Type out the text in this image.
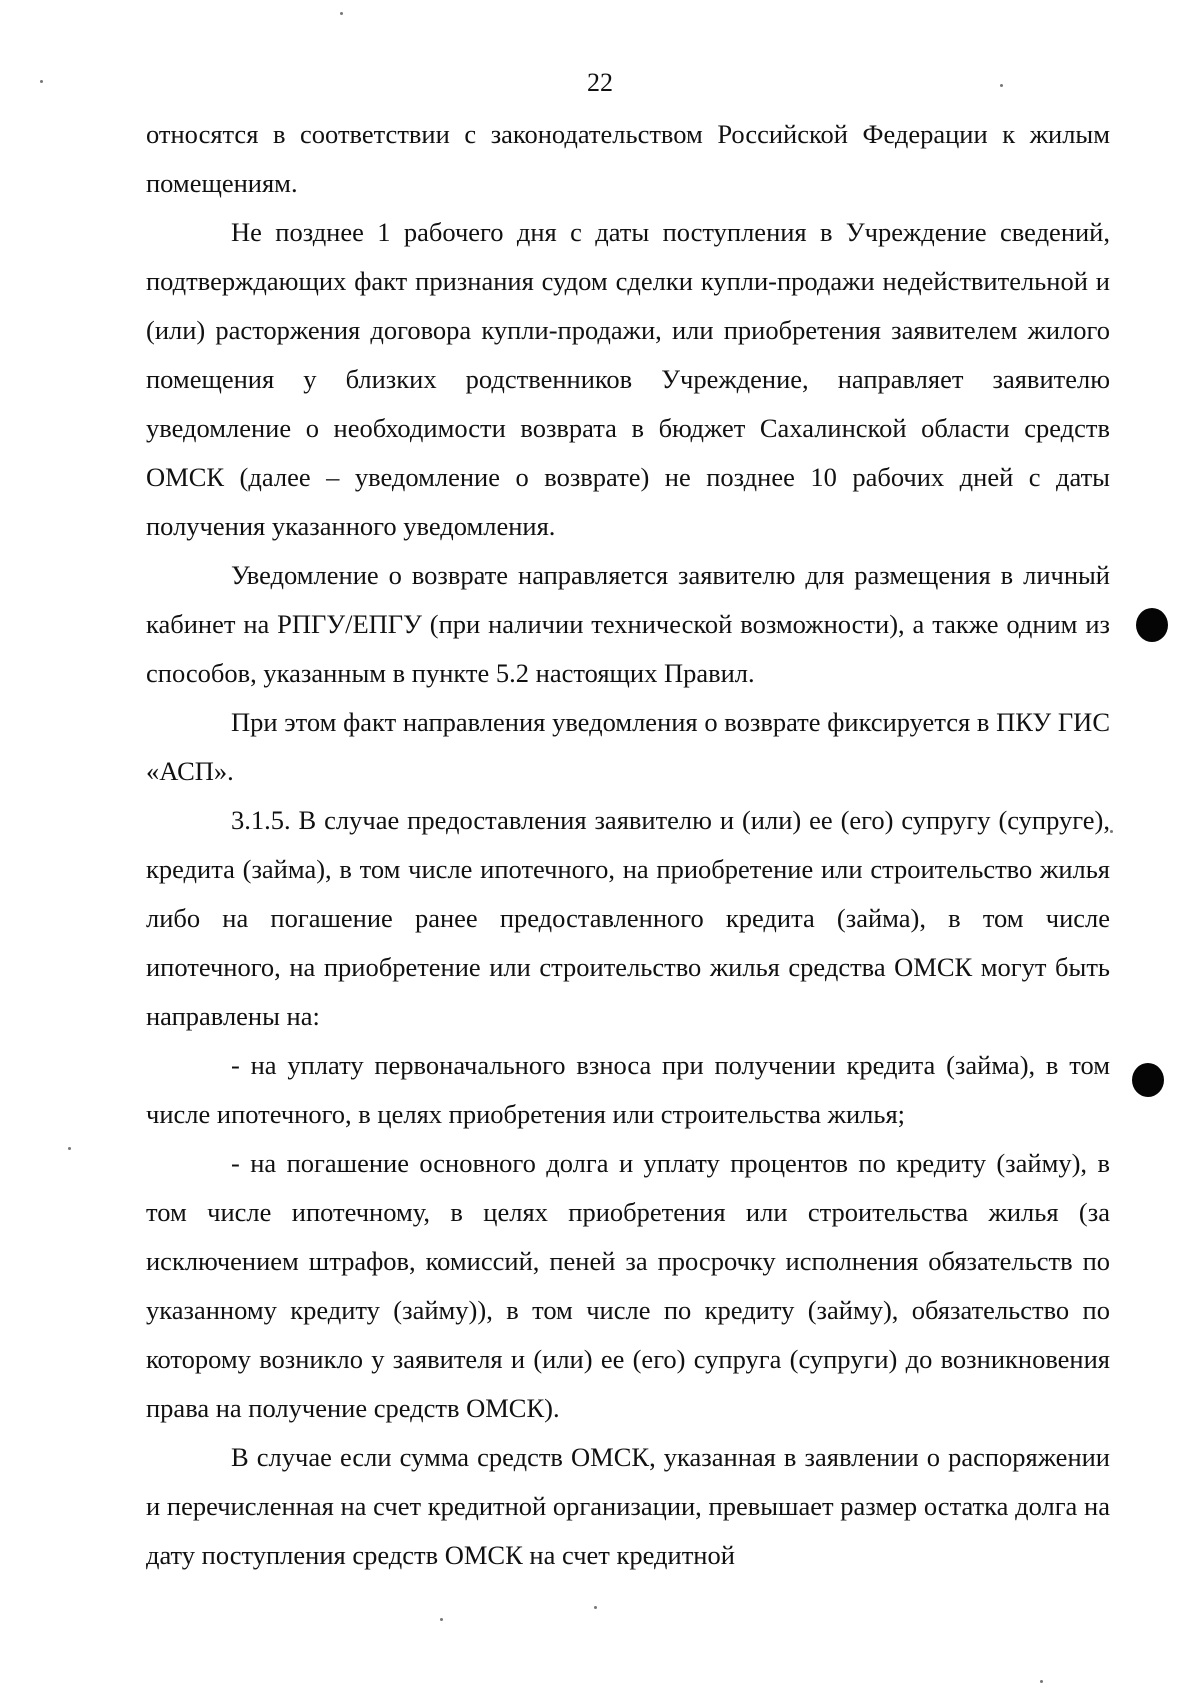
22

относятся в соответствии с законодательством Российской Федерации к жилым помещениям.

Не позднее 1 рабочего дня с даты поступления в Учреждение сведений, подтверждающих факт признания судом сделки купли-продажи недействительной и (или) расторжения договора купли-продажи, или приобретения заявителем жилого помещения у близких родственников Учреждение, направляет заявителю уведомление о необходимости возврата в бюджет Сахалинской области средств ОМСК (далее – уведомление о возврате) не позднее 10 рабочих дней с даты получения указанного уведомления.

Уведомление о возврате направляется заявителю для размещения в личный кабинет на РПГУ/ЕПГУ (при наличии технической возможности), а также одним из способов, указанным в пункте 5.2 настоящих Правил.

При этом факт направления уведомления о возврате фиксируется в ПКУ ГИС «АСП».

3.1.5. В случае предоставления заявителю и (или) ее (его) супругу (супруге), кредита (займа), в том числе ипотечного, на приобретение или строительство жилья либо на погашение ранее предоставленного кредита (займа), в том числе ипотечного, на приобретение или строительство жилья средства ОМСК могут быть направлены на:

- на уплату первоначального взноса при получении кредита (займа), в том числе ипотечного, в целях приобретения или строительства жилья;

- на погашение основного долга и уплату процентов по кредиту (займу), в том числе ипотечному, в целях приобретения или строительства жилья (за исключением штрафов, комиссий, пеней за просрочку исполнения обязательств по указанному кредиту (займу)), в том числе по кредиту (займу), обязательство по которому возникло у заявителя и (или) ее (его) супруга (супруги) до возникновения права на получение средств ОМСК).

В случае если сумма средств ОМСК, указанная в заявлении о распоряжении и перечисленная на счет кредитной организации, превышает размер остатка долга на дату поступления средств ОМСК на счет кредитной
